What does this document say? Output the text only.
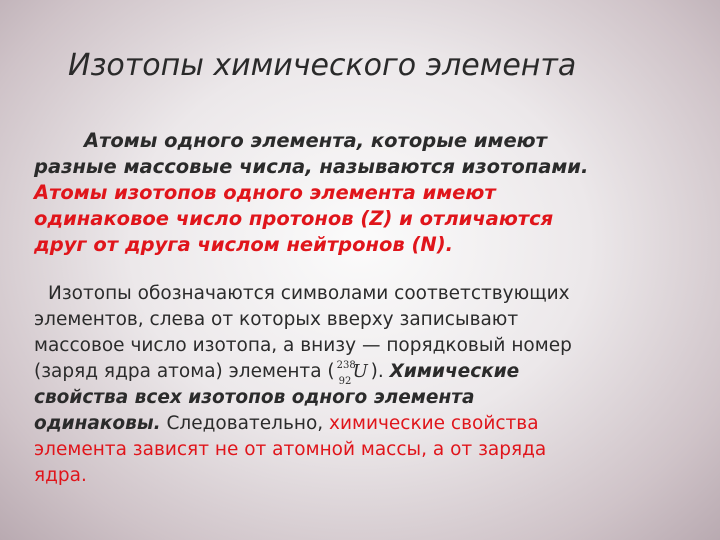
Изотопы химического элемента
Атомы одного элемента, которые имеют
разные массовые числа, называются изотопами.
Атомы изотопов одного элемента имеют
одинаковое число протонов (Z) и отличаются
друг от друга числом нейтронов (N).
Изотопы обозначаются символами соответствующих
элементов, слева от которых вверху записывают
массовое число изотопа, а внизу — порядковый номер
(заряд ядра атома) элемента ( 238
92 U ). Химические
свойства всех изотопов одного элемента
одинаковы. Следовательно, химические свойства
элемента зависят не от атомной массы, а от заряда
ядра.
